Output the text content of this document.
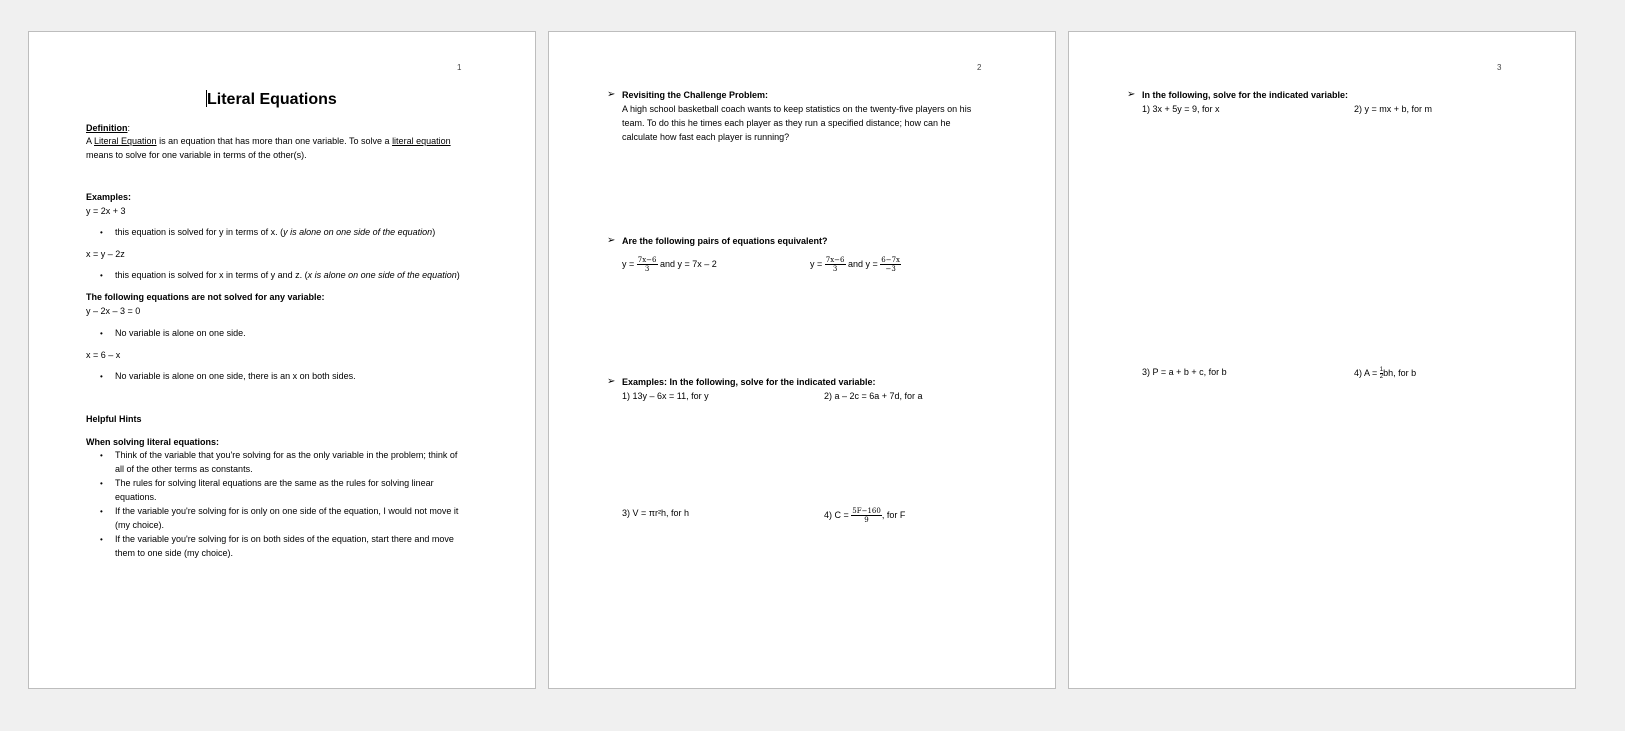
1
Literal Equations
Definition:
A Literal Equation is an equation that has more than one variable. To solve a literal equation
means to solve for one variable in terms of the other(s).
Examples:
y = 2x + 3
• this equation is solved for y in terms of x. (y is alone on one side of the equation)
x = y – 2z
• this equation is solved for x in terms of y and z. (x is alone on one side of the equation)
The following equations are not solved for any variable:
y – 2x – 3 = 0
• No variable is alone on one side.
x = 6 – x
• No variable is alone on one side, there is an x on both sides.
Helpful Hints
When solving literal equations:
• Think of the variable that you're solving for as the only variable in the problem; think of all of the other terms as constants.
• The rules for solving literal equations are the same as the rules for solving linear equations.
• If the variable you're solving for is only on one side of the equation, I would not move it (my choice).
• If the variable you're solving for is on both sides of the equation, start there and move them to one side (my choice).
2
➢ Revisiting the Challenge Problem:
A high school basketball coach wants to keep statistics on the twenty-five players on his team. To do this he times each player as they run a specified distance; how can he calculate how fast each player is running?
➢ Are the following pairs of equations equivalent?
$y = \frac{7x-6}{3}$ and y = 7x – 2	$y = \frac{7x-6}{3}$ and $y = \frac{6-7x}{-3}$
➢ Examples: In the following, solve for the indicated variable:
1) 13y – 6x = 11, for y	2) a – 2c = 6a + 7d, for a
3) V = πr²h, for h	4) $C = \frac{5F-160}{9}$ , for F
3
➢ In the following, solve for the indicated variable:
1) 3x + 5y = 9, for x	2) y = mx + b, for m
3) P = a + b + c, for b	4) $A = \frac{1}{2}bh$, for b
